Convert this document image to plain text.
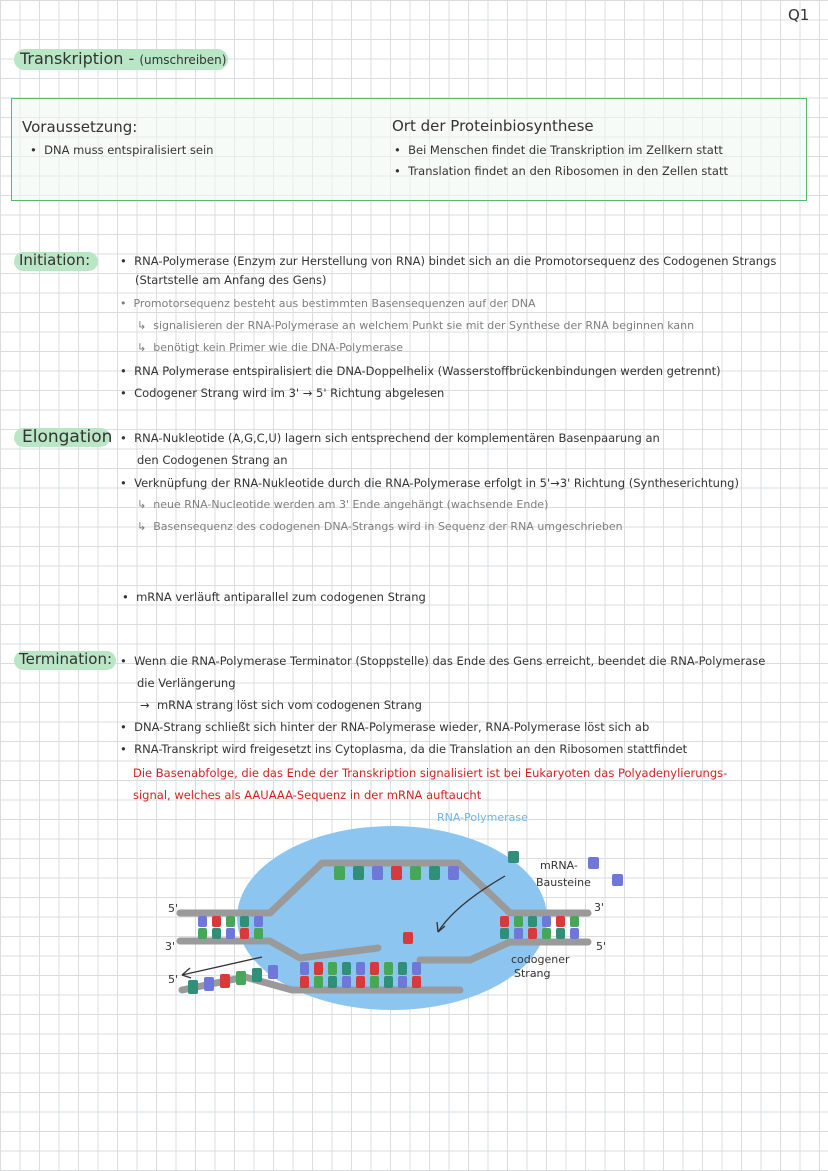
Q1
Transkription - (umschreiben)
Voraussetzung:
•  DNA muss entspiralisiert sein
Ort der Proteinbiosynthese
•  Bei Menschen findet die Transkription im Zellkern statt
•  Translation findet an den Ribosomen in den Zellen statt
Initiation:	•  RNA-Polymerase (Enzym zur Herstellung von RNA) bindet sich an die Promotorsequenz des Codogenen Strangs
(Startstelle am Anfang des Gens)
•  Promotorsequenz besteht aus bestimmten Basensequenzen auf der DNA
↳  signalisieren der RNA-Polymerase an welchem Punkt sie mit der Synthese der RNA beginnen kann
↳  benötigt kein Primer wie die DNA-Polymerase
•  RNA Polymerase entspiralisiert die DNA-Doppelhelix (Wasserstoffbrückenbindungen werden getrennt)
•  Codogener Strang wird im 3' → 5' Richtung abgelesen
Elongation •  RNA-Nukleotide (A,G,C,U) lagern sich entsprechend der komplementären Basenpaarung an
den Codogenen Strang an
•  Verknüpfung der RNA-Nukleotide durch die RNA-Polymerase erfolgt in 5'→3' Richtung (Syntheserichtung)
↳  neue RNA-Nucleotide werden am 3' Ende angehängt (wachsende Ende)
↳  Basensequenz des codogenen DNA-Strangs wird in Sequenz der RNA umgeschrieben
•  mRNA verläuft antiparallel zum codogenen Strang
Termination: •  Wenn die RNA-Polymerase Terminator (Stoppstelle) das Ende des Gens erreicht, beendet die RNA-Polymerase
die Verlängerung
→  mRNA strang löst sich vom codogenen Strang
•  DNA-Strang schließt sich hinter der RNA-Polymerase wieder, RNA-Polymerase löst sich ab
•  RNA-Transkript wird freigesetzt ins Cytoplasma, da die Translation an den Ribosomen stattfindet
Die Basenabfolge, die das Ende der Transkription signalisiert ist bei Eukaryoten das Polyadenylierungs-
signal, welches als AAUAAA-Sequenz in der mRNA auftaucht
RNA-Polymerase
mRNA-
Bausteine
codogener
Strang
5'
3'
5'
3'
5'
